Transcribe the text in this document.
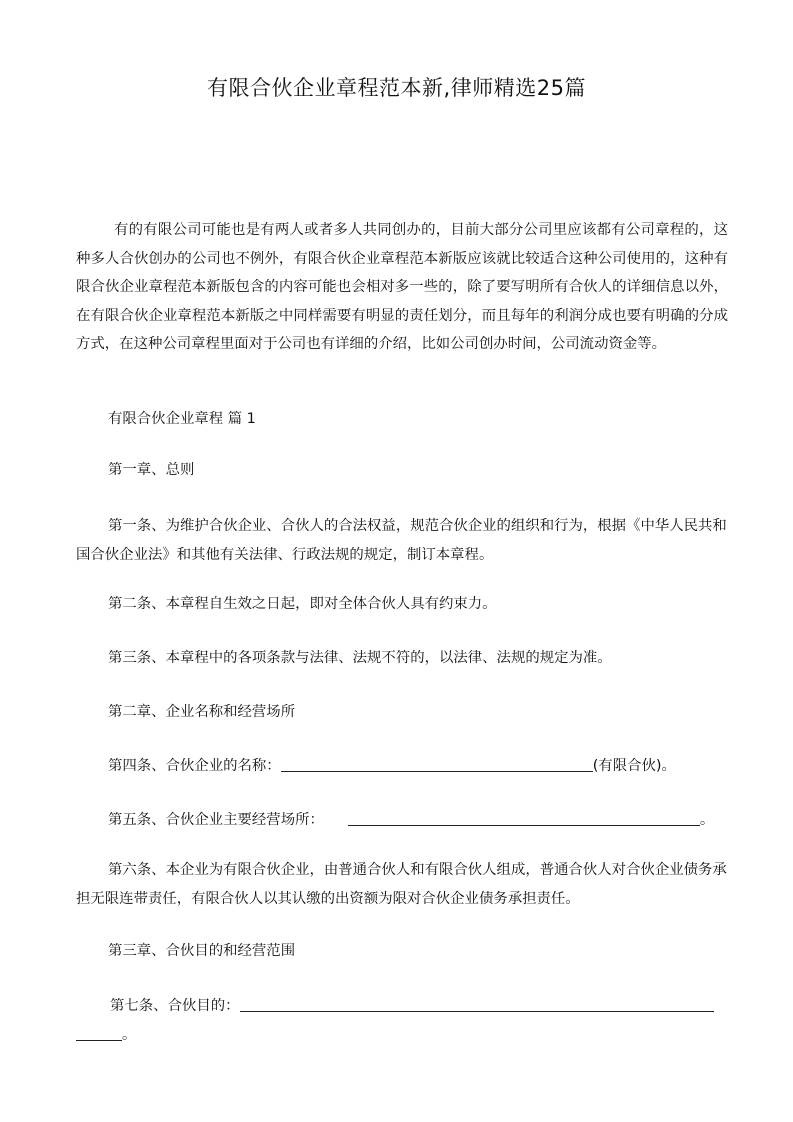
有限合伙企业章程范本新,律师精选25篇

有的有限公司可能也是有两人或者多人共同创办的，目前大部分公司里应该都有公司章程的，这种多人合伙创办的公司也不例外，有限合伙企业章程范本新版应该就比较适合这种公司使用的，这种有限合伙企业章程范本新版包含的内容可能也会相对多一些的，除了要写明所有合伙人的详细信息以外，在有限合伙企业章程范本新版之中同样需要有明显的责任划分，而且每年的利润分成也要有明确的分成方式，在这种公司章程里面对于公司也有详细的介绍，比如公司创办时间，公司流动资金等。

有限合伙企业章程 篇 1

第一章、总则

第一条、为维护合伙企业、合伙人的合法权益，规范合伙企业的组织和行为，根据《中华人民共和国合伙企业法》和其他有关法律、行政法规的规定，制订本章程。

第二条、本章程自生效之日起，即对全体合伙人具有约束力。

第三条、本章程中的各项条款与法律、法规不符的，以法律、法规的规定为准。

第二章、企业名称和经营场所

第四条、合伙企业的名称：	(有限合伙)。

第五条、合伙企业主要经营场所：	。

第六条、本企业为有限合伙企业，由普通合伙人和有限合伙人组成，普通合伙人对合伙企业债务承担无限连带责任，有限合伙人以其认缴的出资额为限对合伙企业债务承担责任。

第三章、合伙目的和经营范围

第七条、合伙目的：
。
